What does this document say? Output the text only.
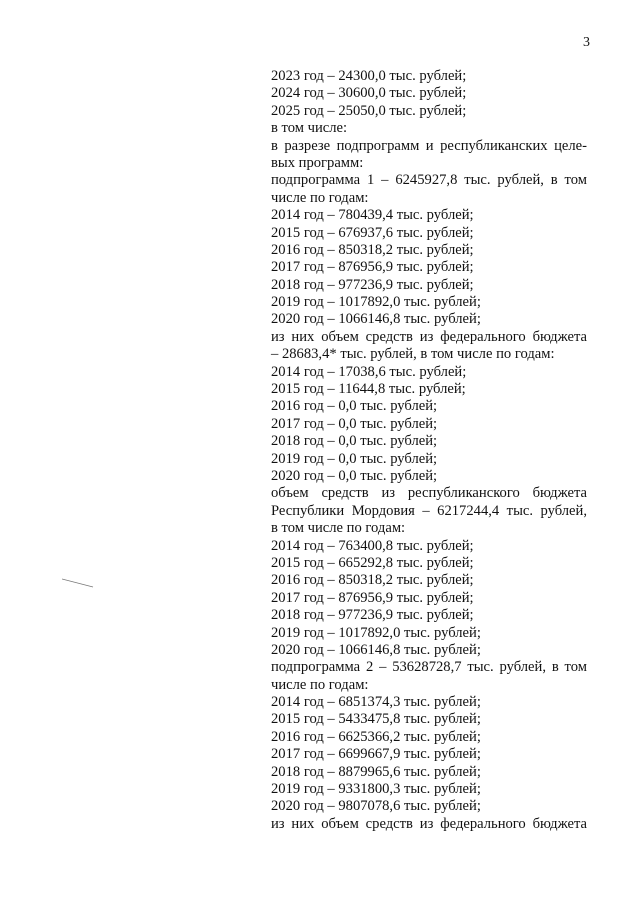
3
2023 год – 24300,0 тыс. рублей;
2024 год – 30600,0 тыс. рублей;
2025 год – 25050,0 тыс. рублей;
в том числе:
в разрезе подпрограмм и республиканских целе-
вых программ:
подпрограмма 1 – 6245927,8 тыс. рублей, в том
числе по годам:
2014 год – 780439,4 тыс. рублей;
2015 год – 676937,6 тыс. рублей;
2016 год – 850318,2 тыс. рублей;
2017 год – 876956,9 тыс. рублей;
2018 год – 977236,9 тыс. рублей;
2019 год – 1017892,0 тыс. рублей;
2020 год – 1066146,8 тыс. рублей;
из них объем средств из федерального бюджета
– 28683,4* тыс. рублей, в том числе по годам:
2014 год – 17038,6 тыс. рублей;
2015 год – 11644,8 тыс. рублей;
2016 год – 0,0 тыс. рублей;
2017 год – 0,0 тыс. рублей;
2018 год – 0,0 тыс. рублей;
2019 год – 0,0 тыс. рублей;
2020 год – 0,0 тыс. рублей;
объем средств из республиканского бюджета
Республики Мордовия – 6217244,4 тыс. рублей,
в том числе по годам:
2014 год – 763400,8 тыс. рублей;
2015 год – 665292,8 тыс. рублей;
2016 год – 850318,2 тыс. рублей;
2017 год – 876956,9 тыс. рублей;
2018 год – 977236,9 тыс. рублей;
2019 год – 1017892,0 тыс. рублей;
2020 год – 1066146,8 тыс. рублей;
подпрограмма 2 – 53628728,7 тыс. рублей, в том
числе по годам:
2014 год – 6851374,3 тыс. рублей;
2015 год – 5433475,8 тыс. рублей;
2016 год – 6625366,2 тыс. рублей;
2017 год – 6699667,9 тыс. рублей;
2018 год – 8879965,6 тыс. рублей;
2019 год – 9331800,3 тыс. рублей;
2020 год – 9807078,6 тыс. рублей;
из них объем средств из федерального бюджета
